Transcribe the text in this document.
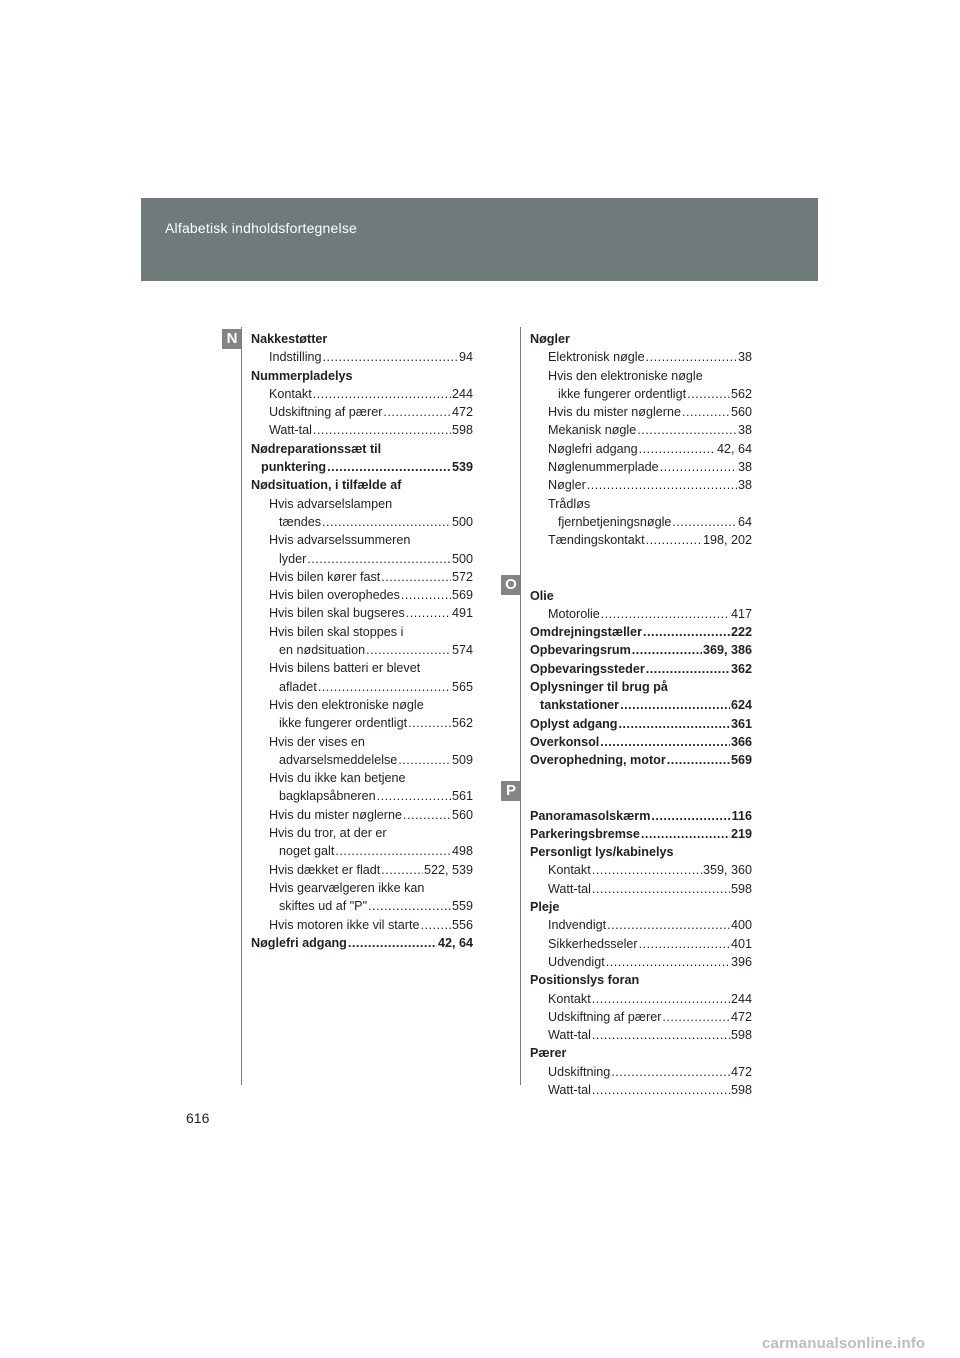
Alfabetisk indholdsfortegnelse
N
O
P
Nakkestøtter
Indstilling .....	94
Nummerpladelys
Kontakt .....	244
Udskiftning af pærer .....	472
Watt-tal .....	598
Nødreparationssæt til
punktering .....	539
Nødsituation, i tilfælde af
Hvis advarselslampen
tændes .....	500
Hvis advarselssummeren
lyder .....	500
Hvis bilen kører fast .....	572
Hvis bilen overophedes .....	569
Hvis bilen skal bugseres .....	491
Hvis bilen skal stoppes i
en nødsituation .....	574
Hvis bilens batteri er blevet
afladet .....	565
Hvis den elektroniske nøgle
ikke fungerer ordentligt .....	562
Hvis der vises en
advarselsmeddelelse .....	509
Hvis du ikke kan betjene
bagklapsåbneren .....	561
Hvis du mister nøglerne .....	560
Hvis du tror, at der er
noget galt .....	498
Hvis dækket er fladt .....	522, 539
Hvis gearvælgeren ikke kan
skiftes ud af "P" .....	559
Hvis motoren ikke vil starte .....	556
Nøglefri adgang .....	42, 64
Nøgler
Elektronisk nøgle .....	38
Hvis den elektroniske nøgle
ikke fungerer ordentligt .....	562
Hvis du mister nøglerne .....	560
Mekanisk nøgle .....	38
Nøglefri adgang .....	42, 64
Nøglenummerplade .....	38
Nøgler .....	38
Trådløs
fjernbetjeningsnøgle .....	64
Tændingskontakt .....	198, 202
Olie
Motorolie .....	417
Omdrejningstæller .....	222
Opbevaringsrum .....	369, 386
Opbevaringssteder .....	362
Oplysninger til brug på
tankstationer .....	624
Oplyst adgang .....	361
Overkonsol .....	366
Overophedning, motor .....	569
Panoramasolskærm .....	116
Parkeringsbremse .....	219
Personligt lys/kabinelys
Kontakt .....	359, 360
Watt-tal .....	598
Pleje
Indvendigt .....	400
Sikkerhedsseler .....	401
Udvendigt .....	396
Positionslys foran
Kontakt .....	244
Udskiftning af pærer .....	472
Watt-tal .....	598
Pærer
Udskiftning .....	472
Watt-tal .....	598
616
carmanualsonline.info
